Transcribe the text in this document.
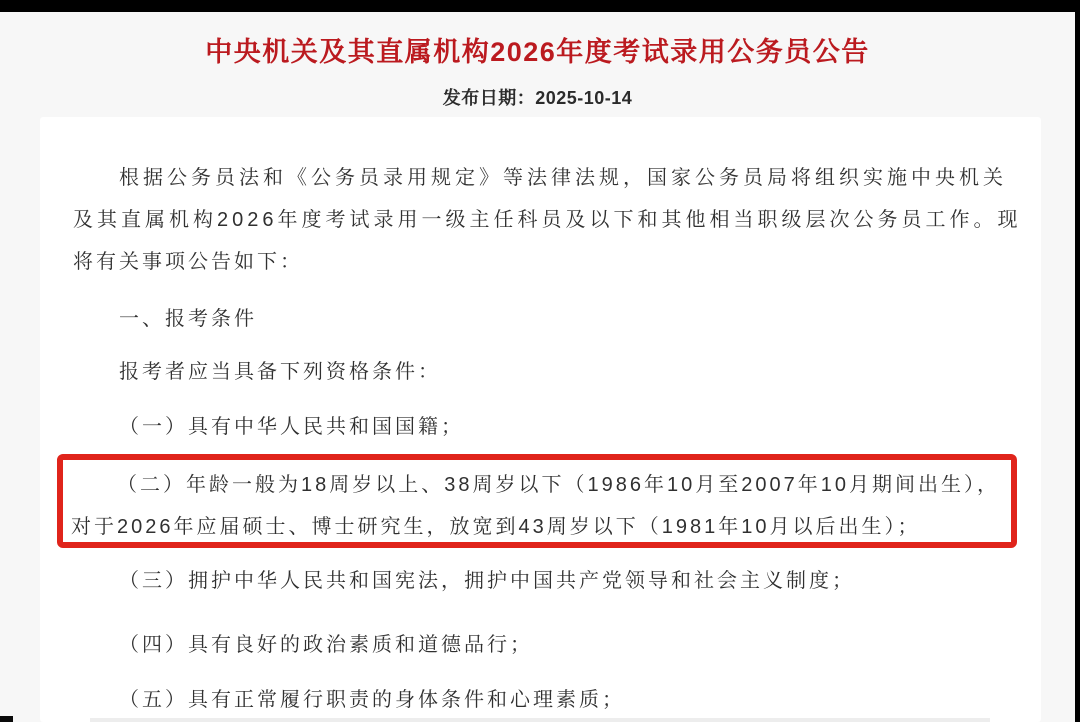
中央机关及其直属机构2026年度考试录用公务员公告
发布日期：2025-10-14
根据公务员法和《公务员录用规定》等法律法规，国家公务员局将组织实施中央机关
及其直属机构2026年度考试录用一级主任科员及以下和其他相当职级层次公务员工作。现
将有关事项公告如下：
一、报考条件
报考者应当具备下列资格条件：
（一）具有中华人民共和国国籍；
（二）年龄一般为18周岁以上、38周岁以下（1986年10月至2007年10月期间出生），
对于2026年应届硕士、博士研究生，放宽到43周岁以下（1981年10月以后出生）；
（三）拥护中华人民共和国宪法，拥护中国共产党领导和社会主义制度；
（四）具有良好的政治素质和道德品行；
（五）具有正常履行职责的身体条件和心理素质；
